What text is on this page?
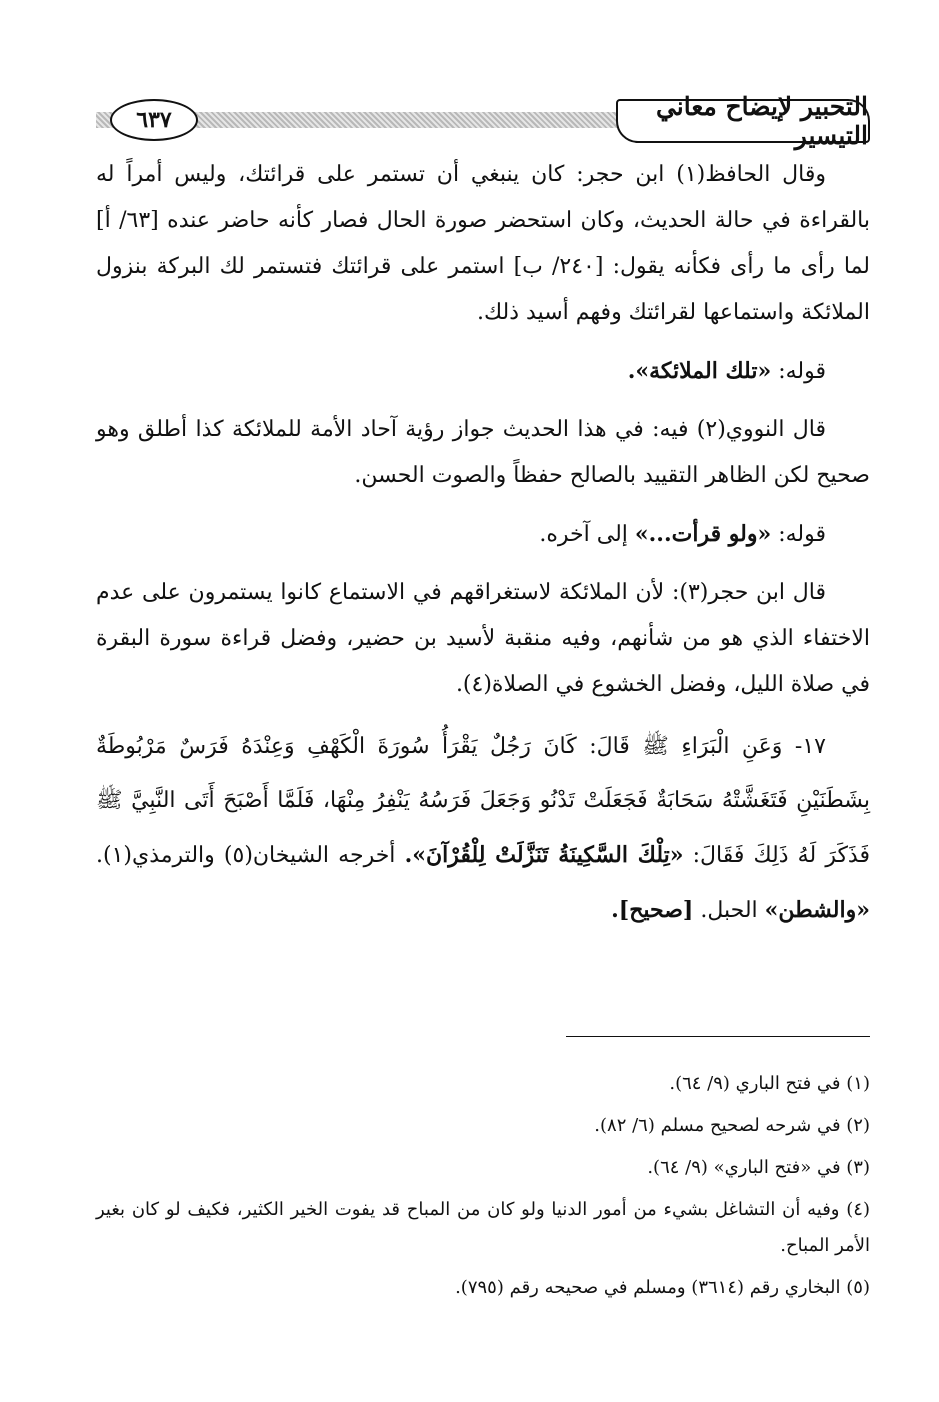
٦٣٧	التحبير لإيضاح معاني التيسير

وقال الحافظ(١) ابن حجر: كان ينبغي أن تستمر على قرائتك، وليس أمراً له بالقراءة في حالة الحديث، وكان استحضر صورة الحال فصار كأنه حاضر عنده [٦٣/ أ] لما رأى ما رأى فكأنه يقول: [٢٤٠/ ب] استمر على قرائتك فتستمر لك البركة بنزول الملائكة واستماعها لقرائتك وفهم أسيد ذلك.

قوله: «تلك الملائكة».

قال النووي(٢) فيه: في هذا الحديث جواز رؤية آحاد الأمة للملائكة كذا أطلق وهو صحيح لكن الظاهر التقييد بالصالح حفظاً والصوت الحسن.

قوله: «ولو قرأت...» إلى آخره.

قال ابن حجر(٣): لأن الملائكة لاستغراقهم في الاستماع كانوا يستمرون على عدم الاختفاء الذي هو من شأنهم، وفيه منقبة لأسيد بن حضير، وفضل قراءة سورة البقرة في صلاة الليل، وفضل الخشوع في الصلاة(٤).

١٧- وَعَنِ الْبَرَاءِ ﷺ قَالَ: كَانَ رَجُلٌ يَقْرَأُ سُورَةَ الْكَهْفِ وَعِنْدَهُ فَرَسٌ مَرْبُوطَةٌ بِشَطَنَيْنِ فَتَغَشَّتْهُ سَحَابَةٌ فَجَعَلَتْ تَدْنُو وَجَعَلَ فَرَسُهُ يَنْفِرُ مِنْهَا، فَلَمَّا أَصْبَحَ أَتَى النَّبِيَّ ﷺ فَذَكَرَ لَهُ ذَلِكَ فَقَالَ: «تِلْكَ السَّكِينَةُ تَنَزَّلَتْ لِلْقُرْآنَ». أخرجه الشيخان(٥) والترمذي(١). «والشطن» الحبل. [صحيح].

(١) في فتح الباري (٩/ ٦٤).
(٢) في شرحه لصحيح مسلم (٦/ ٨٢).
(٣) في «فتح الباري» (٩/ ٦٤).
(٤) وفيه أن التشاغل بشيء من أمور الدنيا ولو كان من المباح قد يفوت الخير الكثير، فكيف لو كان بغير الأمر المباح.
(٥) البخاري رقم (٣٦١٤) ومسلم في صحيحه رقم (٧٩٥).
